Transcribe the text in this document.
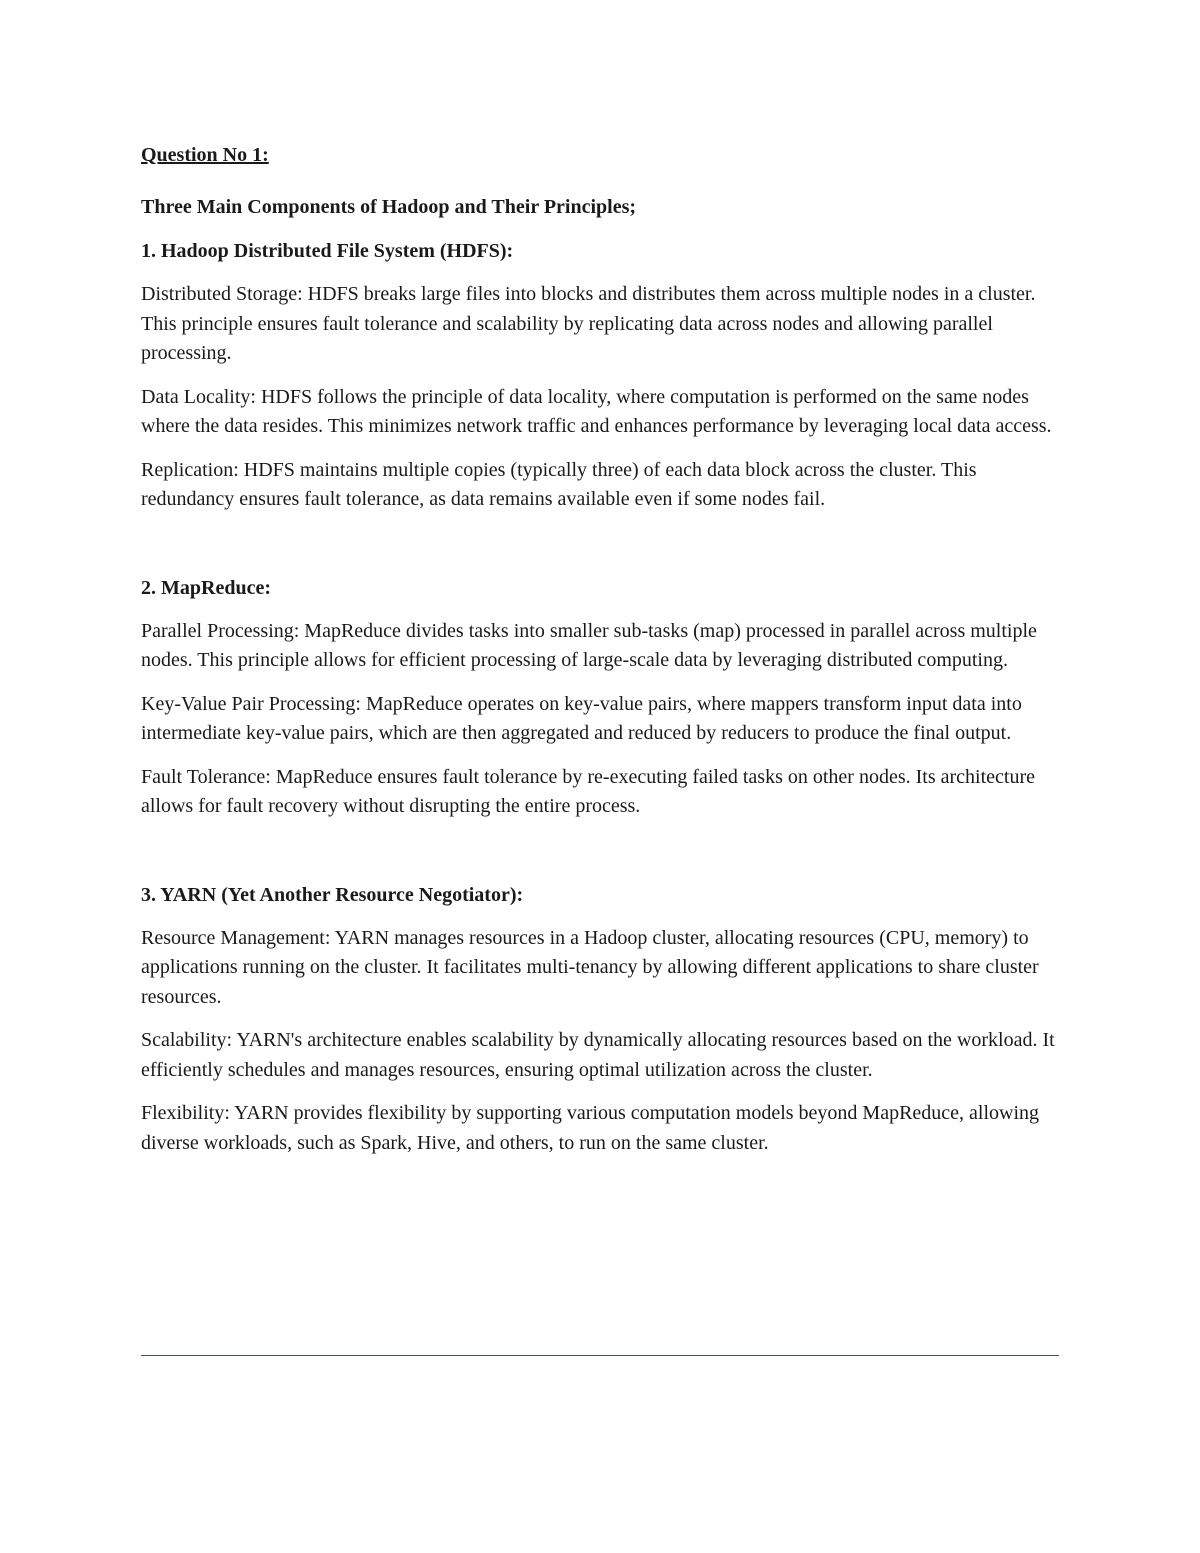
Question No 1:
Three Main Components of Hadoop and Their Principles;
1. Hadoop Distributed File System (HDFS):

Distributed Storage: HDFS breaks large files into blocks and distributes them across multiple nodes in a cluster. This principle ensures fault tolerance and scalability by replicating data across nodes and allowing parallel processing.

Data Locality: HDFS follows the principle of data locality, where computation is performed on the same nodes where the data resides. This minimizes network traffic and enhances performance by leveraging local data access.

Replication: HDFS maintains multiple copies (typically three) of each data block across the cluster. This redundancy ensures fault tolerance, as data remains available even if some nodes fail.

2. MapReduce:

Parallel Processing: MapReduce divides tasks into smaller sub-tasks (map) processed in parallel across multiple nodes. This principle allows for efficient processing of large-scale data by leveraging distributed computing.

Key-Value Pair Processing: MapReduce operates on key-value pairs, where mappers transform input data into intermediate key-value pairs, which are then aggregated and reduced by reducers to produce the final output.

Fault Tolerance: MapReduce ensures fault tolerance by re-executing failed tasks on other nodes. Its architecture allows for fault recovery without disrupting the entire process.

3. YARN (Yet Another Resource Negotiator):

Resource Management: YARN manages resources in a Hadoop cluster, allocating resources (CPU, memory) to applications running on the cluster. It facilitates multi-tenancy by allowing different applications to share cluster resources.

Scalability: YARN's architecture enables scalability by dynamically allocating resources based on the workload. It efficiently schedules and manages resources, ensuring optimal utilization across the cluster.

Flexibility: YARN provides flexibility by supporting various computation models beyond MapReduce, allowing diverse workloads, such as Spark, Hive, and others, to run on the same cluster.
